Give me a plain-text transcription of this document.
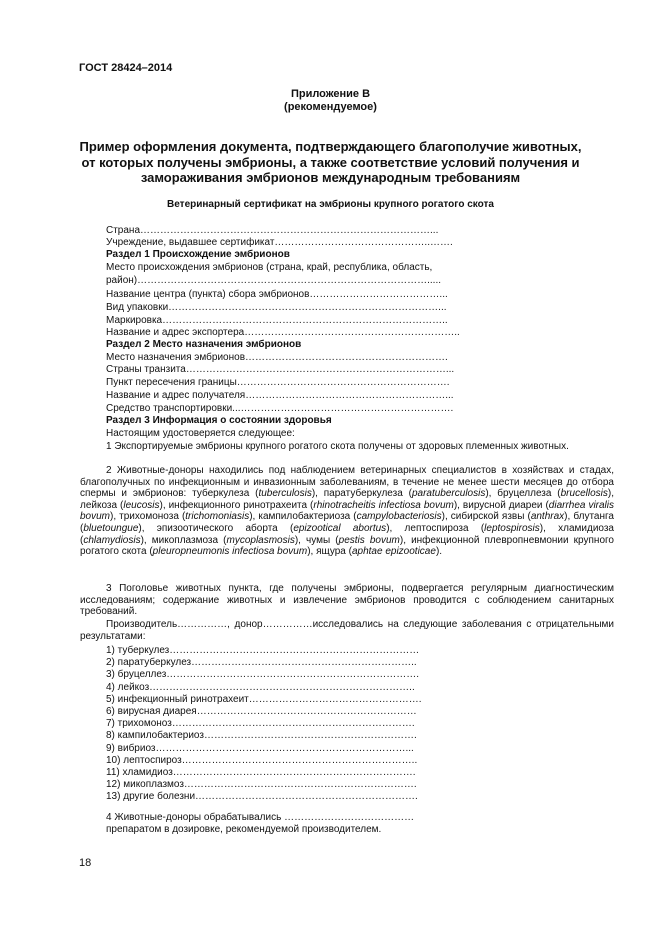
ГОСТ 28424–2014
Приложение В
(рекомендуемое)
Пример оформления документа, подтверждающего благополучие животных,
от которых получены эмбрионы, а также соответствие условий получения и
замораживания эмбрионов международным требованиям
Ветеринарный сертификат на эмбрионы крупного рогатого скота
Страна……………………………………………………………………………...
Учреждение, выдавшее сертификат………………………………………..…….
Раздел 1 Происхождение эмбрионов
Место происхождения эмбрионов (страна, край, республика, область,
район)…………………………………………………………………………….....
Название центра (пункта) сбора эмбрионов…………………………………...
Вид упаковки………………………………………………………………………...
Маркировка…………………………………………………………………………..
Название и адрес экспортера………………………………………………………..
Раздел 2 Место назначения эмбрионов
Место назначения эмбрионов…………………………………………………….
Страны транзита……………………………………………………………………...
Пункт пересечения границы……………………………………………………….
Название и адрес получателя……………………………………………………...
Средство транспортировки...……………………………………………………….
Раздел 3 Информация о состоянии здоровья
Настоящим удостоверяется следующее:
1 Экспортируемые эмбрионы крупного рогатого скота получены от здоровых племенных животных.
2 Животные-доноры находились под наблюдением ветеринарных специалистов в хозяйствах и стадах, благополучных по инфекционным и инвазионным заболеваниям, в течение не менее шести месяцев до отбора спермы и эмбрионов: туберкулеза (tuberculosis), паратуберкулеза (paratuberculosis), бруцеллеза (brucellosis), лейкоза (leucosis), инфекционного ринотрахеита (rhinotracheitis infectiosa bovum), вирусной диареи (diarrhea viralis bovum), трихомоноза (trichomoniasis), кампилобактериоза (campylobacteriosis), сибирской язвы (anthrax), блутанга (bluetoungue), эпизоотического аборта (epizootical abortus), лептоспироза (leptospirosis), хламидиоза (chlamydiosis), микоплазмоза (mycoplasmosis), чумы (pestis bovum), инфекционной плевропневмонии крупного рогатого скота (pleuropneumonis infectiosa bovum), ящура (aphtae epizooticae).
3 Поголовье животных пункта, где получены эмбрионы, подвергается регулярным диагностическим исследованиям; содержание животных и извлечение эмбрионов проводится с соблюдением санитарных требований.
Производитель……………, донор……………исследовались на следующие заболевания с отрицательными результатами:
1) туберкулез…………………………………………………………………
2) паратуберкулез…………………………………………………………..
3) бруцеллез………………………………………………………………….
4) лейкоз……………………………………………………………………..
5) инфекционный ринотрахеит…………………………………………….
6) вирусная диарея…………………………………………………………
7) трихомоноз……………………………………………………………….
8) кампилобактериоз……………………………………………………….
9) вибриоз…………………………………………………………………...
10) лептоспироз……………………………………………………………..
11) хламидиоз……………………………………………………………….
12) микоплазмоз…………………………………………………………….
13) другие болезни………………………………………………………….
4 Животные-доноры обрабатывались …………………………………
препаратом в дозировке, рекомендуемой производителем.
18
